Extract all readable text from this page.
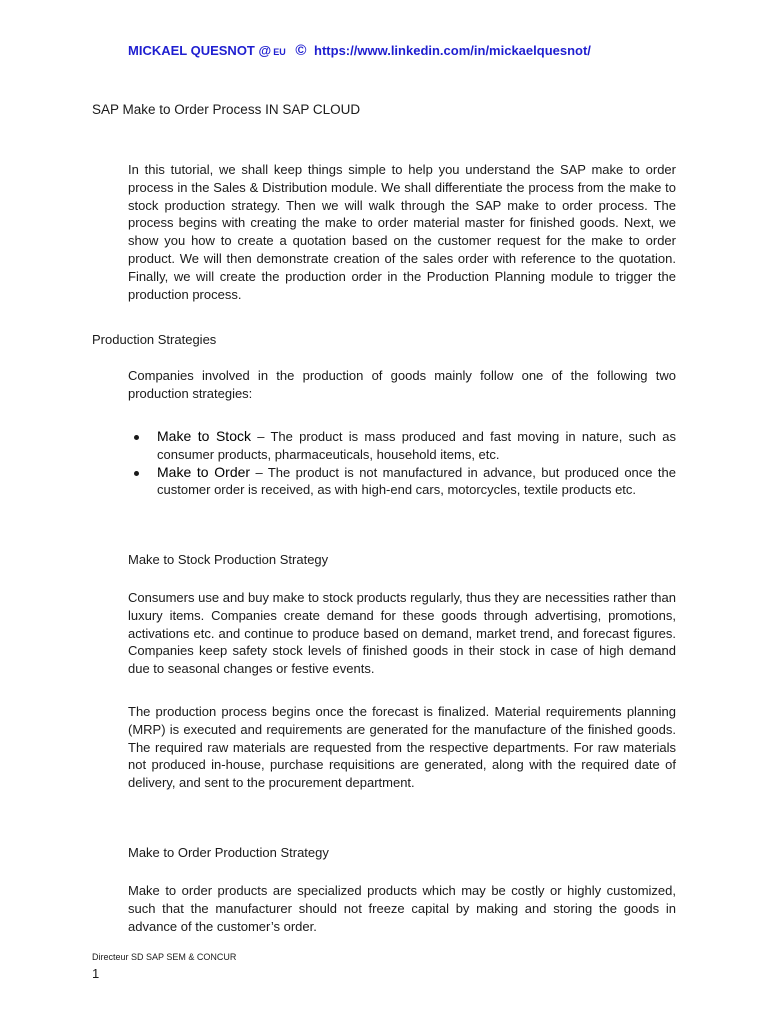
MICKAEL QUESNOT @ EU © https://www.linkedin.com/in/mickaelquesnot/
SAP Make to Order Process IN SAP CLOUD
In this tutorial, we shall keep things simple to help you understand the SAP make to order process in the Sales & Distribution module. We shall differentiate the process from the make to stock production strategy. Then we will walk through the SAP make to order process. The process begins with creating the make to order material master for finished goods. Next, we show you how to create a quotation based on the customer request for the make to order product. We will then demonstrate creation of the sales order with reference to the quotation. Finally, we will create the production order in the Production Planning module to trigger the production process.
Production Strategies
Companies involved in the production of goods mainly follow one of the following two production strategies:
Make to Stock – The product is mass produced and fast moving in nature, such as consumer products, pharmaceuticals, household items, etc.
Make to Order – The product is not manufactured in advance, but produced once the customer order is received, as with high-end cars, motorcycles, textile products etc.
Make to Stock Production Strategy
Consumers use and buy make to stock products regularly, thus they are necessities rather than luxury items. Companies create demand for these goods through advertising, promotions, activations etc. and continue to produce based on demand, market trend, and forecast figures. Companies keep safety stock levels of finished goods in their stock in case of high demand due to seasonal changes or festive events.
The production process begins once the forecast is finalized. Material requirements planning (MRP) is executed and requirements are generated for the manufacture of the finished goods. The required raw materials are requested from the respective departments. For raw materials not produced in-house, purchase requisitions are generated, along with the required date of delivery, and sent to the procurement department.
Make to Order Production Strategy
Make to order products are specialized products which may be costly or highly customized, such that the manufacturer should not freeze capital by making and storing the goods in advance of the customer’s order.
Directeur SD SAP SEM & CONCUR
1
